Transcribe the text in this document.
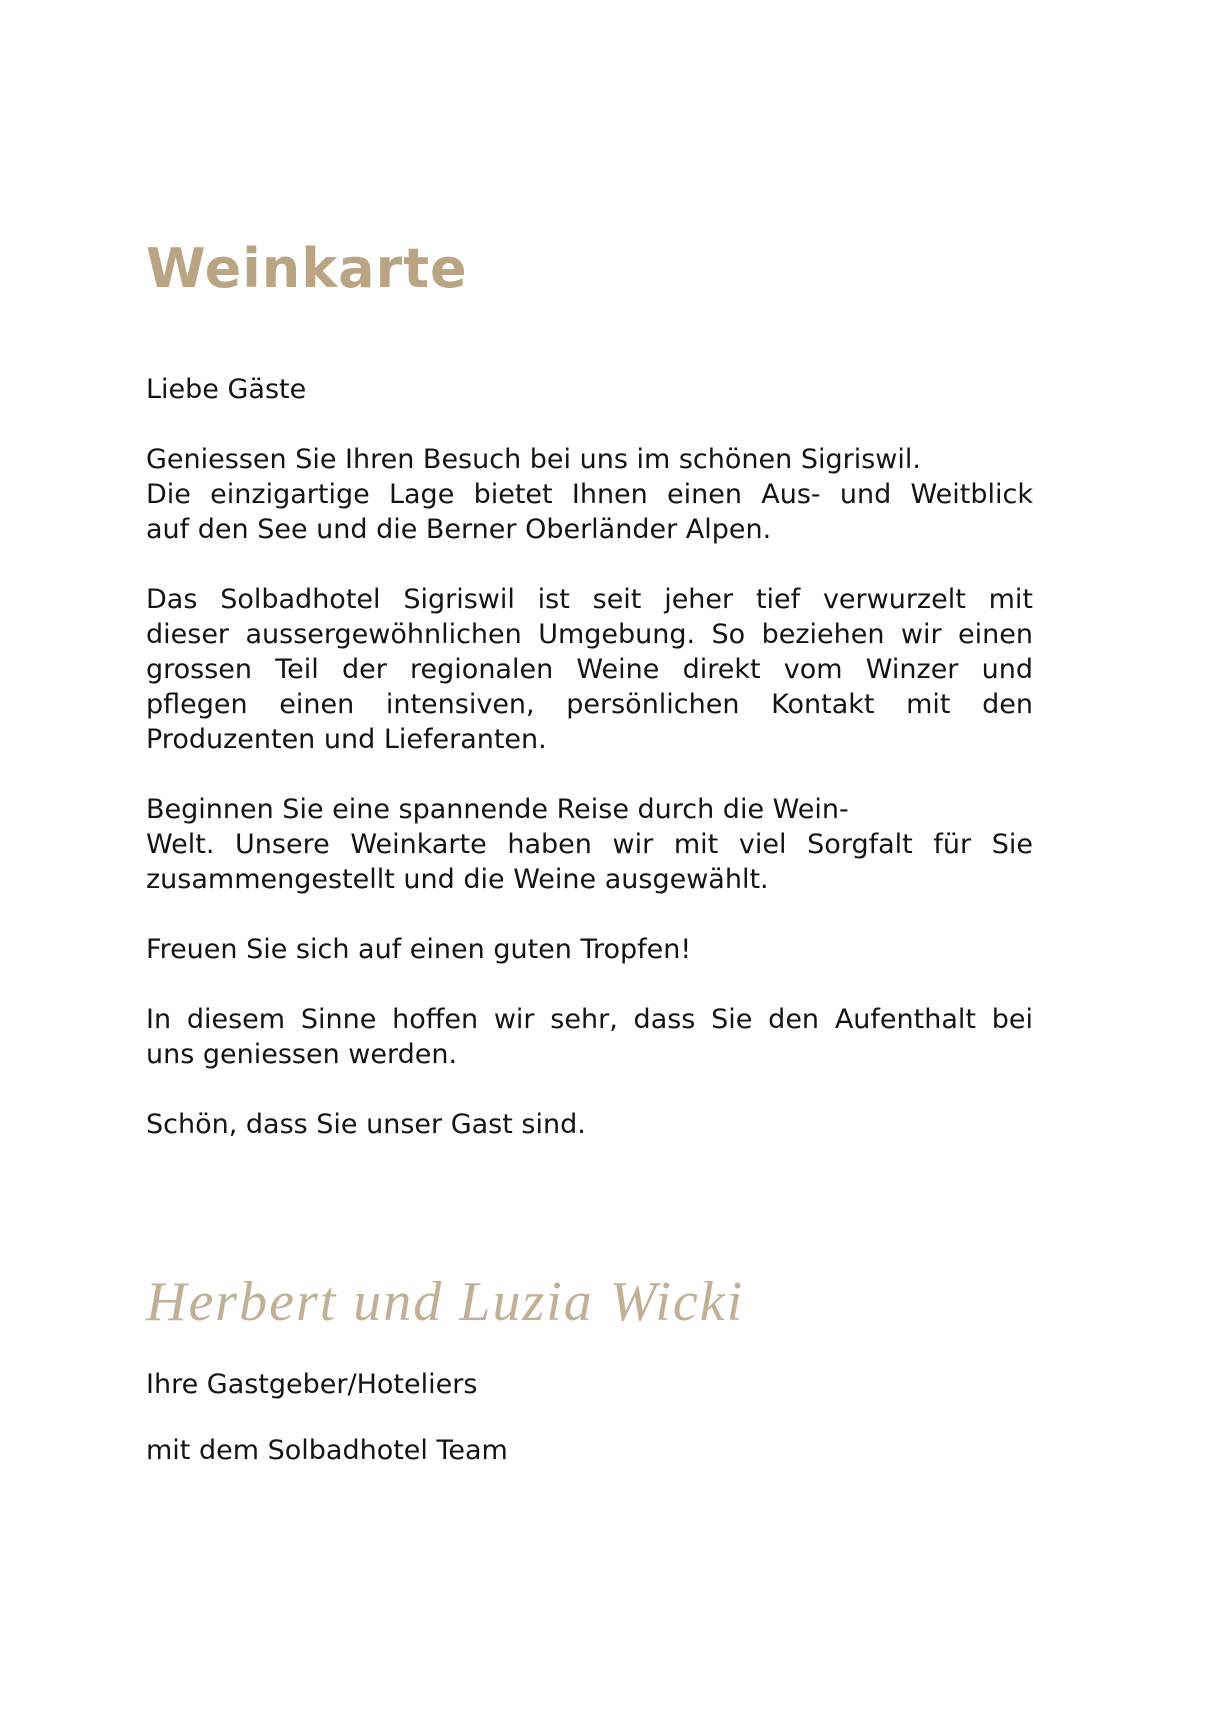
Weinkarte
Liebe Gäste
Geniessen Sie Ihren Besuch bei uns im schönen Sigriswil.
Die einzigartige Lage bietet Ihnen einen Aus- und Weitblick
auf den See und die Berner Oberländer Alpen.
Das Solbadhotel Sigriswil ist seit jeher tief verwurzelt mit
dieser aussergewöhnlichen Umgebung. So beziehen wir einen
grossen Teil der regionalen Weine direkt vom Winzer und
pflegen einen intensiven, persönlichen Kontakt mit den
Produzenten und Lieferanten.
Beginnen Sie eine spannende Reise durch die Wein-
Welt. Unsere Weinkarte haben wir mit viel Sorgfalt für Sie
zusammengestellt und die Weine ausgewählt.
Freuen Sie sich auf einen guten Tropfen!
In diesem Sinne hoffen wir sehr, dass Sie den Aufenthalt bei
uns geniessen werden.
Schön, dass Sie unser Gast sind.
Herbert und Luzia Wicki
Ihre Gastgeber/Hoteliers
mit dem Solbadhotel Team
